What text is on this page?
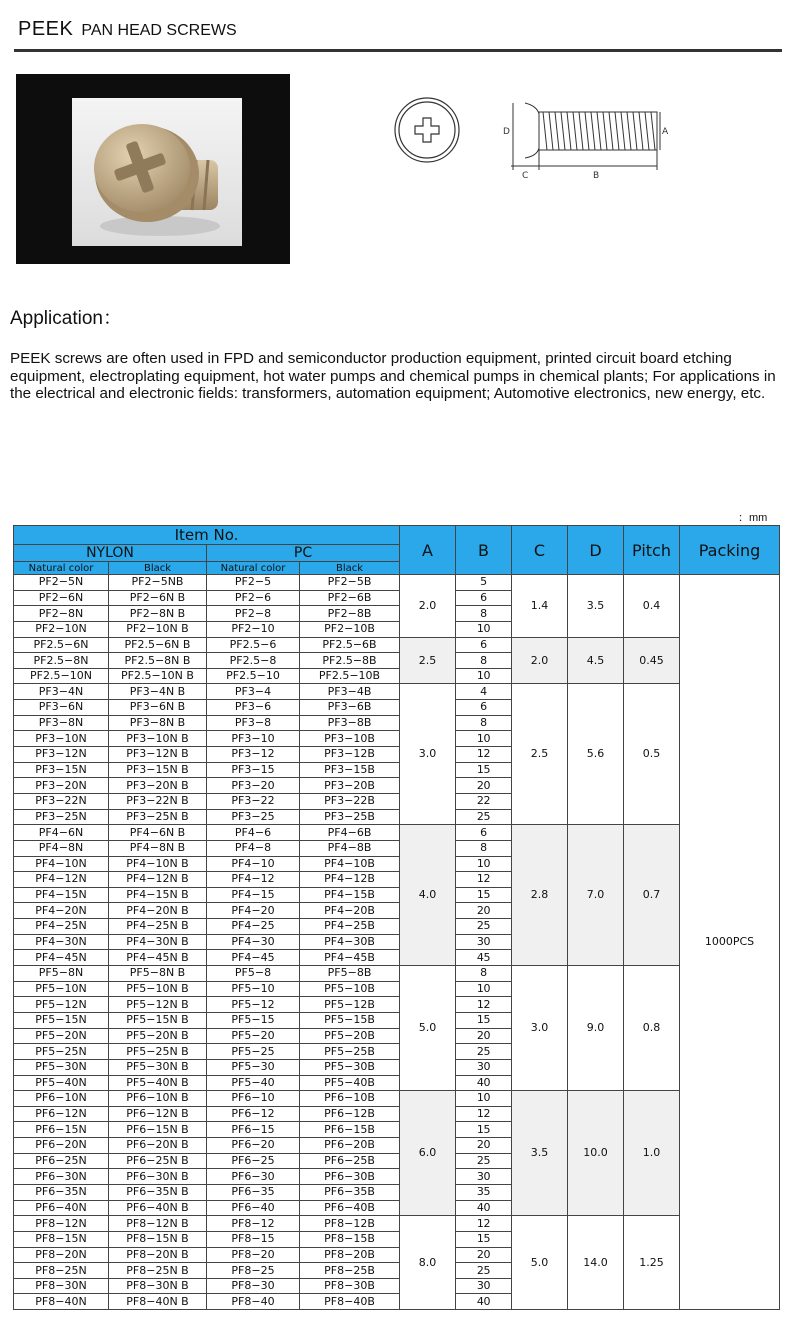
PEEK PAN HEAD SCREWS
D	A
C	B
Application：
PEEK screws are often used in FPD and semiconductor production equipment, printed circuit board etching equipment, electroplating equipment, hot water pumps and chemical pumps in chemical plants; For applications in the electrical and electronic fields: transformers, automation equipment; Automotive electronics, new energy, etc.
：mm
Item No.				A	B	C	D	Pitch	Packing
NYLON		PC							
Natural color	Black	Natural color	Black						
PF2−5N	PF2−5NB	PF2−5	PF2−5B	2.0	5	1.4	3.5	0.4	1000PCS
PF2−6N	PF2−6N B	PF2−6	PF2−6B		6				
PF2−8N	PF2−8N B	PF2−8	PF2−8B		8				
PF2−10N	PF2−10N B	PF2−10	PF2−10B		10				
PF2.5−6N	PF2.5−6N B	PF2.5−6	PF2.5−6B	2.5	6	2.0	4.5	0.45	
PF2.5−8N	PF2.5−8N B	PF2.5−8	PF2.5−8B		8				
PF2.5−10N	PF2.5−10N B	PF2.5−10	PF2.5−10B		10				
PF3−4N	PF3−4N B	PF3−4	PF3−4B	3.0	4	2.5	5.6	0.5	
PF3−6N	PF3−6N B	PF3−6	PF3−6B		6				
PF3−8N	PF3−8N B	PF3−8	PF3−8B		8				
PF3−10N	PF3−10N B	PF3−10	PF3−10B		10				
PF3−12N	PF3−12N B	PF3−12	PF3−12B		12				
PF3−15N	PF3−15N B	PF3−15	PF3−15B		15				
PF3−20N	PF3−20N B	PF3−20	PF3−20B		20				
PF3−22N	PF3−22N B	PF3−22	PF3−22B		22				
PF3−25N	PF3−25N B	PF3−25	PF3−25B		25				
PF4−6N	PF4−6N B	PF4−6	PF4−6B	4.0	6	2.8	7.0	0.7	
PF4−8N	PF4−8N B	PF4−8	PF4−8B		8				
PF4−10N	PF4−10N B	PF4−10	PF4−10B		10				
PF4−12N	PF4−12N B	PF4−12	PF4−12B		12				
PF4−15N	PF4−15N B	PF4−15	PF4−15B		15				
PF4−20N	PF4−20N B	PF4−20	PF4−20B		20				
PF4−25N	PF4−25N B	PF4−25	PF4−25B		25				
PF4−30N	PF4−30N B	PF4−30	PF4−30B		30				
PF4−45N	PF4−45N B	PF4−45	PF4−45B		45				
PF5−8N	PF5−8N B	PF5−8	PF5−8B	5.0	8	3.0	9.0	0.8	
PF5−10N	PF5−10N B	PF5−10	PF5−10B		10				
PF5−12N	PF5−12N B	PF5−12	PF5−12B		12				
PF5−15N	PF5−15N B	PF5−15	PF5−15B		15				
PF5−20N	PF5−20N B	PF5−20	PF5−20B		20				
PF5−25N	PF5−25N B	PF5−25	PF5−25B		25				
PF5−30N	PF5−30N B	PF5−30	PF5−30B		30				
PF5−40N	PF5−40N B	PF5−40	PF5−40B		40				
PF6−10N	PF6−10N B	PF6−10	PF6−10B	6.0	10	3.5	10.0	1.0	
PF6−12N	PF6−12N B	PF6−12	PF6−12B		12				
PF6−15N	PF6−15N B	PF6−15	PF6−15B		15				
PF6−20N	PF6−20N B	PF6−20	PF6−20B		20				
PF6−25N	PF6−25N B	PF6−25	PF6−25B		25				
PF6−30N	PF6−30N B	PF6−30	PF6−30B		30				
PF6−35N	PF6−35N B	PF6−35	PF6−35B		35				
PF6−40N	PF6−40N B	PF6−40	PF6−40B		40				
PF8−12N	PF8−12N B	PF8−12	PF8−12B	8.0	12	5.0	14.0	1.25	
PF8−15N	PF8−15N B	PF8−15	PF8−15B		15				
PF8−20N	PF8−20N B	PF8−20	PF8−20B		20				
PF8−25N	PF8−25N B	PF8−25	PF8−25B		25				
PF8−30N	PF8−30N B	PF8−30	PF8−30B		30				
PF8−40N	PF8−40N B	PF8−40	PF8−40B		40				
